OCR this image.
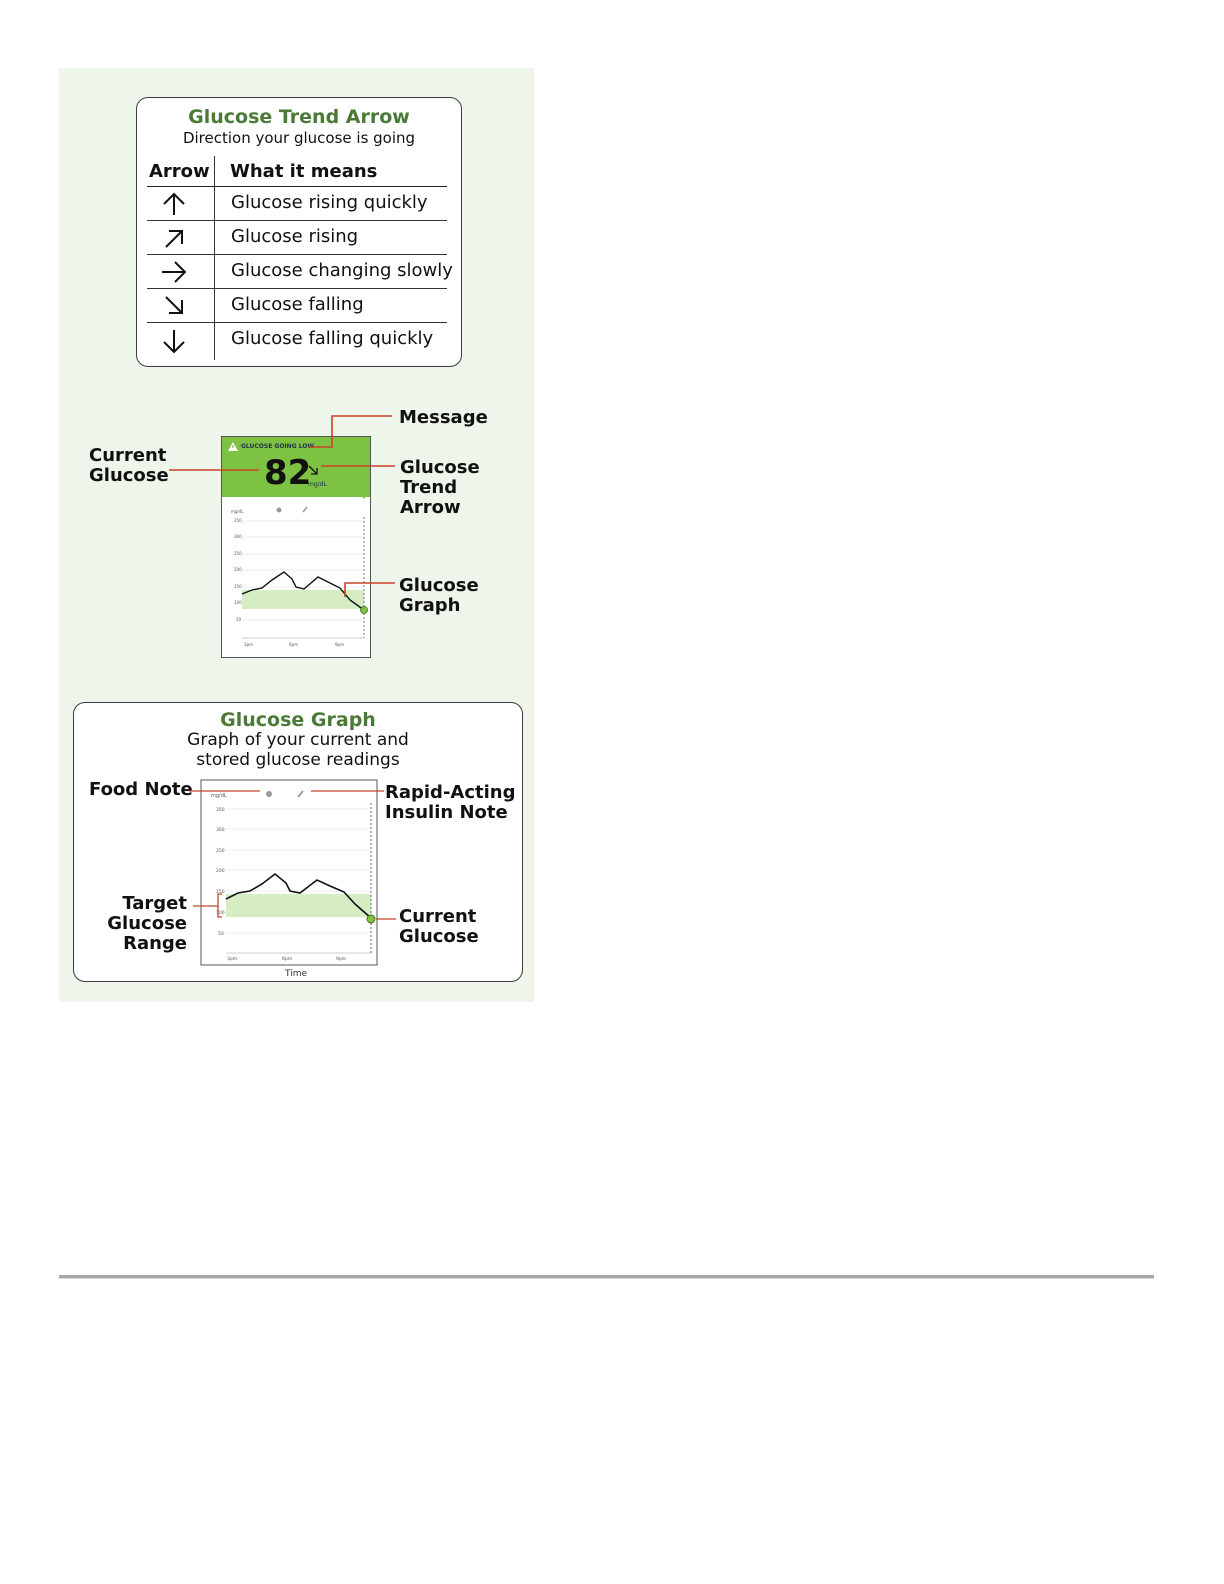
Glucose Trend Arrow
Direction your glucose is going
Arrow What it means
Glucose rising quickly
Glucose rising
Glucose changing slowly
Glucose falling
Glucose falling quickly
GLUCOSE GOING LOW
82
mg/dL
mg/dL
350
300
250
200
150
100
50
3pm	6pm	9pm
Message
Current Glucose	Glucose Trend Arrow
Glucose Graph
Glucose Graph
Graph of your current and
stored glucose readings
Food Note	Rapid-Acting
Insulin Note
Target
Glucose
Range
Current
Glucose
mg/dL
350
300
250
200
150
100
50
3pm	6pm	9pm
Time
